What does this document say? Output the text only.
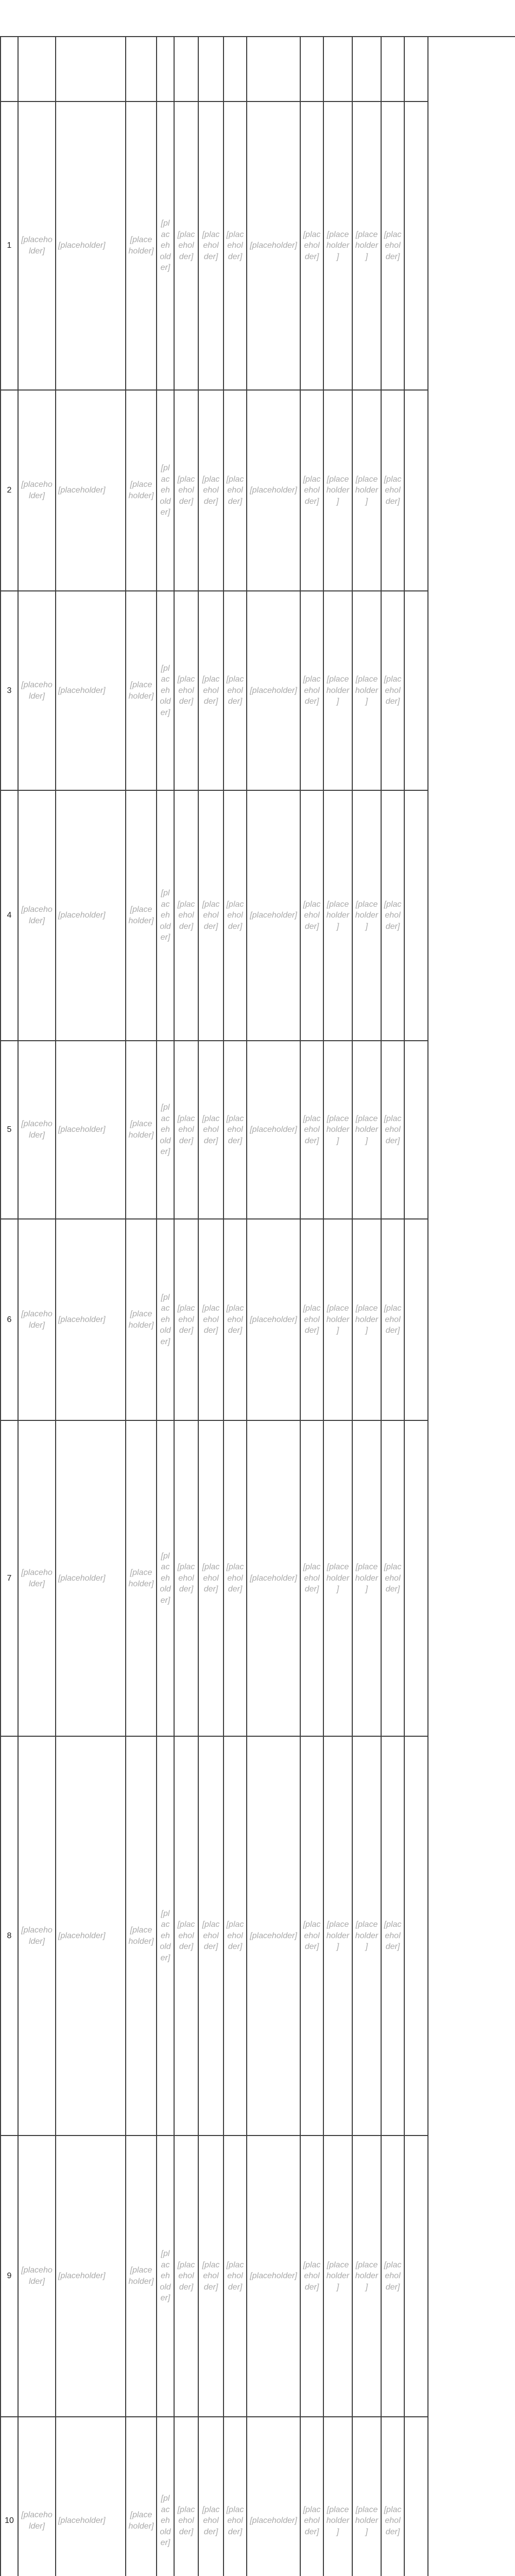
1
[placeholder]
[placeholder]
[placeholder]
[placeholder]
[placeholder]
[placeholder]
[placeholder]
[placeholder]
[placeholder]
[placeholder]
[placeholder]
[placeholder]
2
[placeholder]
[placeholder]
[placeholder]
[placeholder]
[placeholder]
[placeholder]
[placeholder]
[placeholder]
[placeholder]
[placeholder]
[placeholder]
[placeholder]
3
[placeholder]
[placeholder]
[placeholder]
[placeholder]
[placeholder]
[placeholder]
[placeholder]
[placeholder]
[placeholder]
[placeholder]
[placeholder]
[placeholder]
4
[placeholder]
[placeholder]
[placeholder]
[placeholder]
[placeholder]
[placeholder]
[placeholder]
[placeholder]
[placeholder]
[placeholder]
[placeholder]
[placeholder]
5
[placeholder]
[placeholder]
[placeholder]
[placeholder]
[placeholder]
[placeholder]
[placeholder]
[placeholder]
[placeholder]
[placeholder]
[placeholder]
[placeholder]
6
[placeholder]
[placeholder]
[placeholder]
[placeholder]
[placeholder]
[placeholder]
[placeholder]
[placeholder]
[placeholder]
[placeholder]
[placeholder]
[placeholder]
7
[placeholder]
[placeholder]
[placeholder]
[placeholder]
[placeholder]
[placeholder]
[placeholder]
[placeholder]
[placeholder]
[placeholder]
[placeholder]
[placeholder]
8
[placeholder]
[placeholder]
[placeholder]
[placeholder]
[placeholder]
[placeholder]
[placeholder]
[placeholder]
[placeholder]
[placeholder]
[placeholder]
[placeholder]
9
[placeholder]
[placeholder]
[placeholder]
[placeholder]
[placeholder]
[placeholder]
[placeholder]
[placeholder]
[placeholder]
[placeholder]
[placeholder]
[placeholder]
10
[placeholder]
[placeholder]
[placeholder]
[placeholder]
[placeholder]
[placeholder]
[placeholder]
[placeholder]
[placeholder]
[placeholder]
[placeholder]
[placeholder]
